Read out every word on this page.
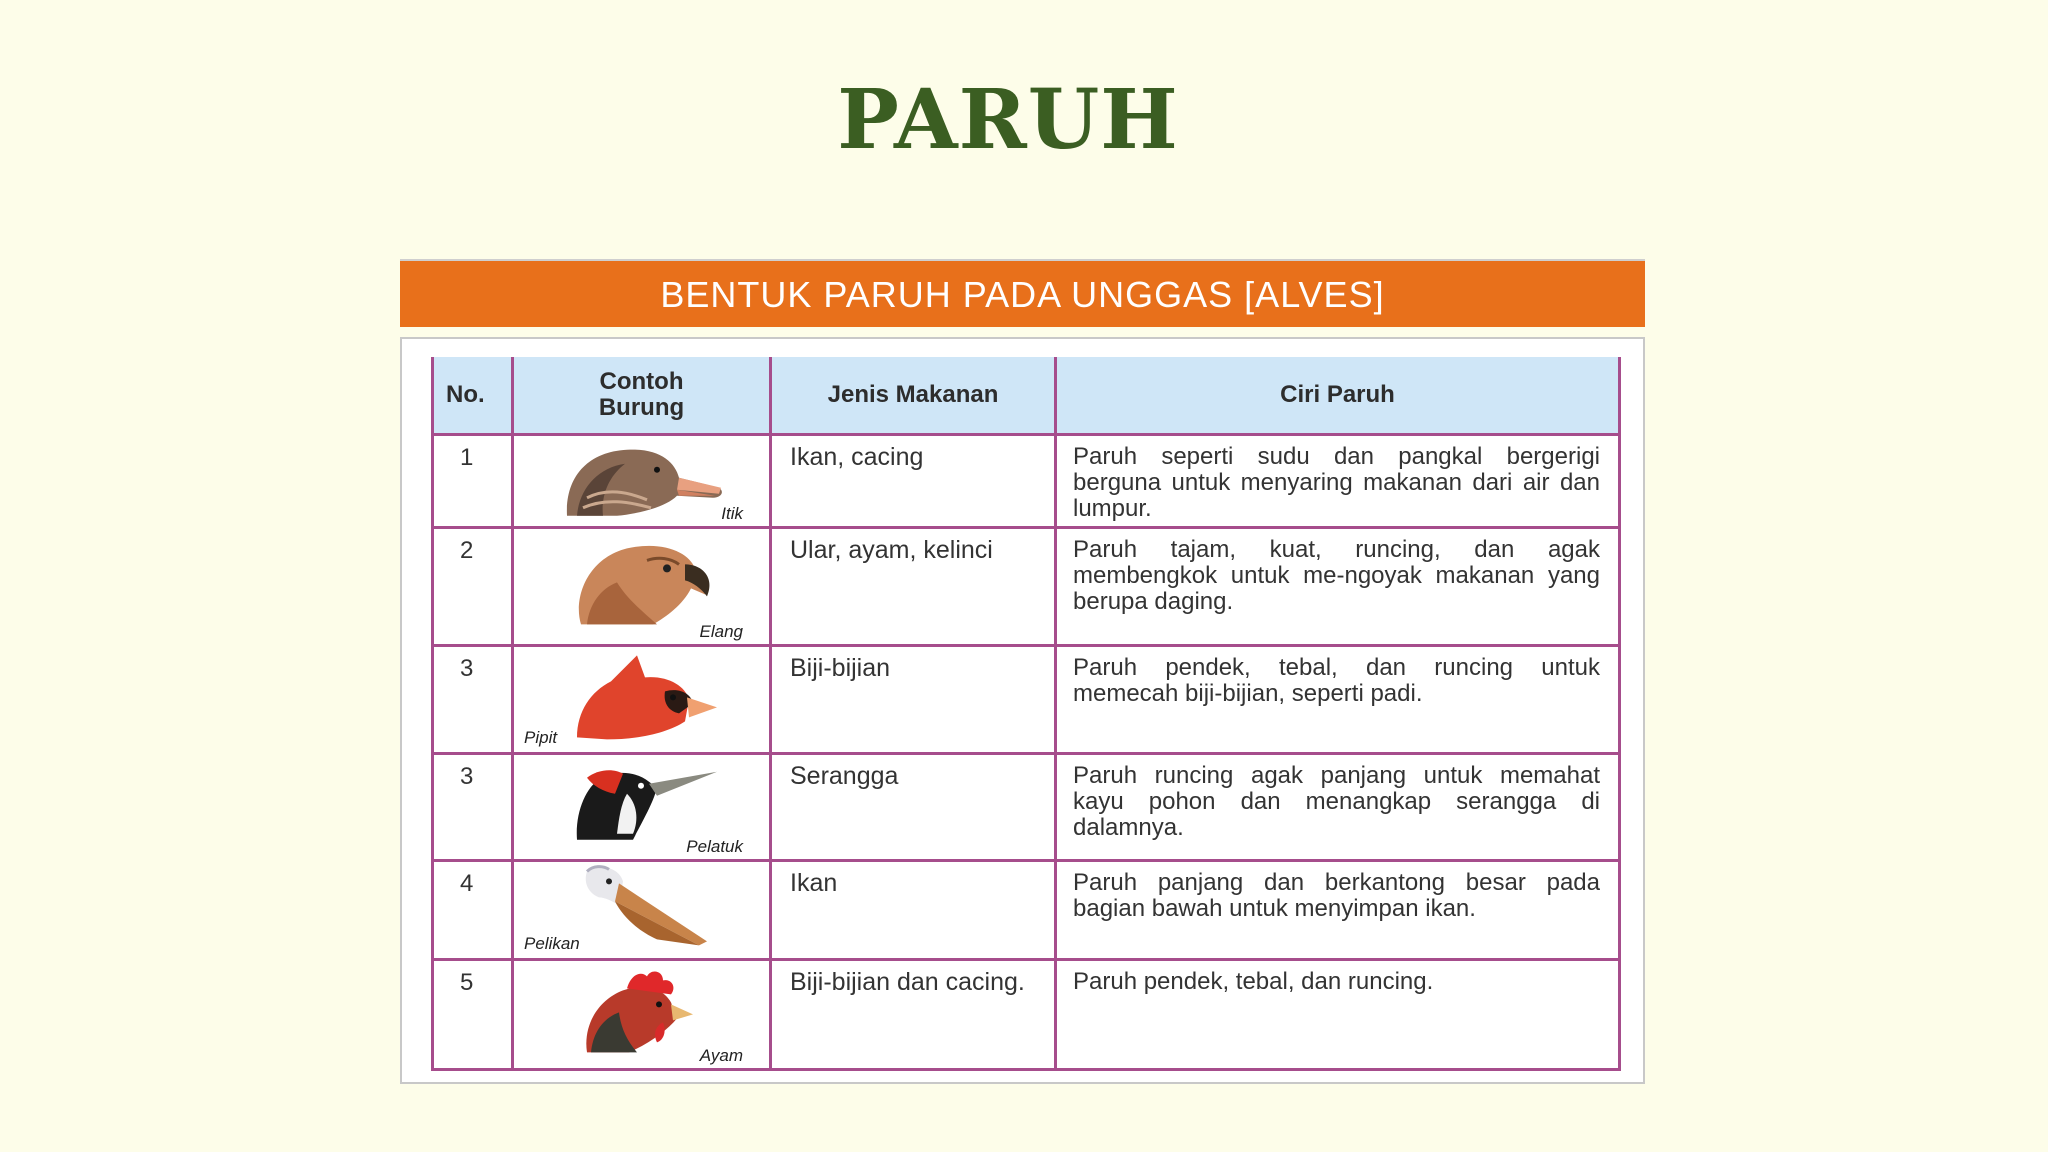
PARUH
BENTUK PARUH PADA UNGGAS [ALVES]
No.	Contoh Burung	Jenis Makanan	Ciri Paruh
1	Itik	Ikan, cacing	Paruh seperti sudu dan pangkal bergerigi berguna untuk menyaring makanan dari air dan lumpur.
2	Elang	Ular, ayam, kelinci	Paruh tajam, kuat, runcing, dan agak membengkok untuk me-ngoyak makanan yang berupa daging.
3	Pipit	Biji-bijian	Paruh pendek, tebal, dan runcing untuk memecah biji-bijian, seperti padi.
3	Pelatuk	Serangga	Paruh runcing agak panjang untuk memahat kayu pohon dan menangkap serangga di dalamnya.
4	Pelikan	Ikan	Paruh panjang dan berkantong besar pada bagian bawah untuk menyimpan ikan.
5	Ayam	Biji-bijian dan cacing.	Paruh pendek, tebal, dan runcing.
